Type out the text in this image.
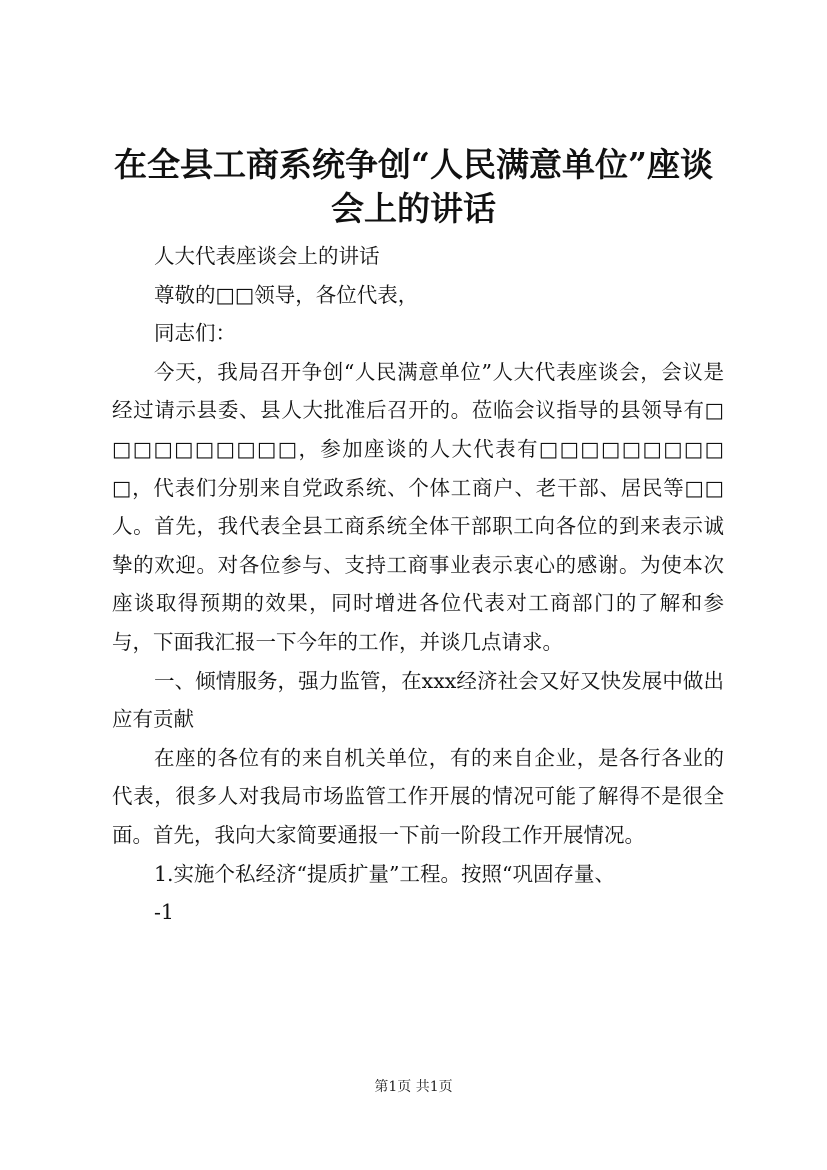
在全县工商系统争创“人民满意单位”座谈会上的讲话

人大代表座谈会上的讲话

尊敬的□□领导，各位代表，

同志们：

今天，我局召开争创“人民满意单位”人大代表座谈会，会议是经过请示县委、县人大批准后召开的。莅临会议指导的县领导有□□□□□□□□□□，参加座谈的人大代表有□□□□□□□□□□，代表们分别来自党政系统、个体工商户、老干部、居民等□□人。首先，我代表全县工商系统全体干部职工向各位的到来表示诚挚的欢迎。对各位参与、支持工商事业表示衷心的感谢。为使本次座谈取得预期的效果，同时增进各位代表对工商部门的了解和参与，下面我汇报一下今年的工作，并谈几点请求。

一、倾情服务，强力监管，在xxx经济社会又好又快发展中做出应有贡献

在座的各位有的来自机关单位，有的来自企业，是各行各业的代表，很多人对我局市场监管工作开展的情况可能了解得不是很全面。首先，我向大家简要通报一下前一阶段工作开展情况。

1.实施个私经济“提质扩量”工程。按照“巩固存量、

-1

第1页 共1页
